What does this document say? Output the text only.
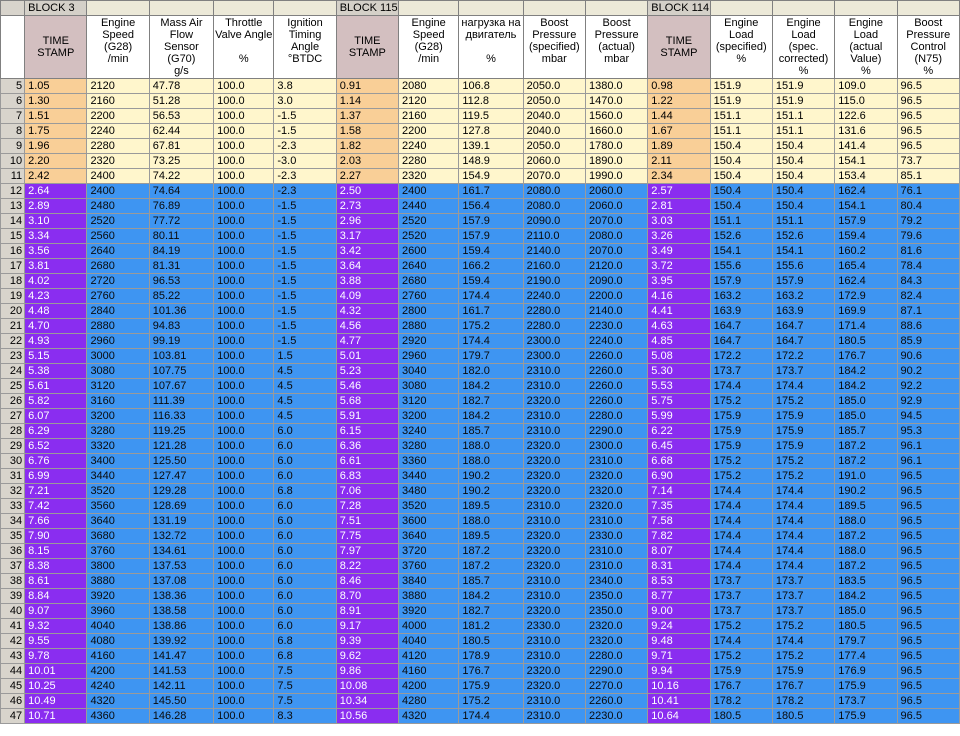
	BLOCK 3					BLOCK 115					BLOCK 114				

	TIME
STAMP	Engine
Speed
(G28)
/min	Mass Air
Flow
Sensor (G70)
g/s	Throttle
Valve Angle
%	Ignition
Timing Angle
°BTDC	TIME
STAMP	Engine
Speed
(G28)
/min	нагрузка на
двигатель
%	Boost
Pressure
(specified)
mbar	Boost
Pressure
(actual)
mbar	TIME
STAMP	Engine Load
(specified)
%	Engine Load
(spec.
corrected)
%	Engine Load
(actual
Value)
%	Boost
Pressure
Control (N75)
%

5	1.05	2120	47.78	100.0	3.8	0.91	2080	106.8	2050.0	1380.0	0.98	151.9	151.9	109.0	96.5
6	1.30	2160	51.28	100.0	3.0	1.14	2120	112.8	2050.0	1470.0	1.22	151.9	151.9	115.0	96.5
7	1.51	2200	56.53	100.0	-1.5	1.37	2160	119.5	2040.0	1560.0	1.44	151.1	151.1	122.6	96.5
8	1.75	2240	62.44	100.0	-1.5	1.58	2200	127.8	2040.0	1660.0	1.67	151.1	151.1	131.6	96.5
9	1.96	2280	67.81	100.0	-2.3	1.82	2240	139.1	2050.0	1780.0	1.89	150.4	150.4	141.4	96.5
10	2.20	2320	73.25	100.0	-3.0	2.03	2280	148.9	2060.0	1890.0	2.11	150.4	150.4	154.1	73.7
11	2.42	2400	74.22	100.0	-2.3	2.27	2320	154.9	2070.0	1990.0	2.34	150.4	150.4	153.4	85.1
12	2.64	2400	74.64	100.0	-2.3	2.50	2400	161.7	2080.0	2060.0	2.57	150.4	150.4	162.4	76.1
13	2.89	2480	76.89	100.0	-1.5	2.73	2440	156.4	2080.0	2060.0	2.81	150.4	150.4	154.1	80.4
14	3.10	2520	77.72	100.0	-1.5	2.96	2520	157.9	2090.0	2070.0	3.03	151.1	151.1	157.9	79.2
15	3.34	2560	80.11	100.0	-1.5	3.17	2520	157.9	2110.0	2080.0	3.26	152.6	152.6	159.4	79.6
16	3.56	2640	84.19	100.0	-1.5	3.42	2600	159.4	2140.0	2070.0	3.49	154.1	154.1	160.2	81.6
17	3.81	2680	81.31	100.0	-1.5	3.64	2640	166.2	2160.0	2120.0	3.72	155.6	155.6	165.4	78.4
18	4.02	2720	96.53	100.0	-1.5	3.88	2680	159.4	2190.0	2090.0	3.95	157.9	157.9	162.4	84.3
19	4.23	2760	85.22	100.0	-1.5	4.09	2760	174.4	2240.0	2200.0	4.16	163.2	163.2	172.9	82.4
20	4.48	2840	101.36	100.0	-1.5	4.32	2800	161.7	2280.0	2140.0	4.41	163.9	163.9	169.9	87.1
21	4.70	2880	94.83	100.0	-1.5	4.56	2880	175.2	2280.0	2230.0	4.63	164.7	164.7	171.4	88.6
22	4.93	2960	99.19	100.0	-1.5	4.77	2920	174.4	2300.0	2240.0	4.85	164.7	164.7	180.5	85.9
23	5.15	3000	103.81	100.0	1.5	5.01	2960	179.7	2300.0	2260.0	5.08	172.2	172.2	176.7	90.6
24	5.38	3080	107.75	100.0	4.5	5.23	3040	182.0	2310.0	2260.0	5.30	173.7	173.7	184.2	90.2
25	5.61	3120	107.67	100.0	4.5	5.46	3080	184.2	2310.0	2260.0	5.53	174.4	174.4	184.2	92.2
26	5.82	3160	111.39	100.0	4.5	5.68	3120	182.7	2320.0	2260.0	5.75	175.2	175.2	185.0	92.9
27	6.07	3200	116.33	100.0	4.5	5.91	3200	184.2	2310.0	2280.0	5.99	175.9	175.9	185.0	94.5
28	6.29	3280	119.25	100.0	6.0	6.15	3240	185.7	2310.0	2290.0	6.22	175.9	175.9	185.7	95.3
29	6.52	3320	121.28	100.0	6.0	6.36	3280	188.0	2320.0	2300.0	6.45	175.9	175.9	187.2	96.1
30	6.76	3400	125.50	100.0	6.0	6.61	3360	188.0	2320.0	2310.0	6.68	175.2	175.2	187.2	96.1
31	6.99	3440	127.47	100.0	6.0	6.83	3440	190.2	2320.0	2320.0	6.90	175.2	175.2	191.0	96.5
32	7.21	3520	129.28	100.0	6.8	7.06	3480	190.2	2320.0	2320.0	7.14	174.4	174.4	190.2	96.5
33	7.42	3560	128.69	100.0	6.0	7.28	3520	189.5	2310.0	2320.0	7.35	174.4	174.4	189.5	96.5
34	7.66	3640	131.19	100.0	6.0	7.51	3600	188.0	2310.0	2310.0	7.58	174.4	174.4	188.0	96.5
35	7.90	3680	132.72	100.0	6.0	7.75	3640	189.5	2320.0	2330.0	7.82	174.4	174.4	187.2	96.5
36	8.15	3760	134.61	100.0	6.0	7.97	3720	187.2	2320.0	2310.0	8.07	174.4	174.4	188.0	96.5
37	8.38	3800	137.53	100.0	6.0	8.22	3760	187.2	2320.0	2310.0	8.31	174.4	174.4	187.2	96.5
38	8.61	3880	137.08	100.0	6.0	8.46	3840	185.7	2310.0	2340.0	8.53	173.7	173.7	183.5	96.5
39	8.84	3920	138.36	100.0	6.0	8.70	3880	184.2	2310.0	2350.0	8.77	173.7	173.7	184.2	96.5
40	9.07	3960	138.58	100.0	6.0	8.91	3920	182.7	2320.0	2350.0	9.00	173.7	173.7	185.0	96.5
41	9.32	4040	138.86	100.0	6.0	9.17	4000	181.2	2330.0	2320.0	9.24	175.2	175.2	180.5	96.5
42	9.55	4080	139.92	100.0	6.8	9.39	4040	180.5	2310.0	2320.0	9.48	174.4	174.4	179.7	96.5
43	9.78	4160	141.47	100.0	6.8	9.62	4120	178.9	2310.0	2280.0	9.71	175.2	175.2	177.4	96.5
44	10.01	4200	141.53	100.0	7.5	9.86	4160	176.7	2320.0	2290.0	9.94	175.9	175.9	176.9	96.5
45	10.25	4240	142.11	100.0	7.5	10.08	4200	175.9	2320.0	2270.0	10.16	176.7	176.7	175.9	96.5
46	10.49	4320	145.50	100.0	7.5	10.34	4280	175.2	2310.0	2260.0	10.41	178.2	178.2	173.7	96.5
47	10.71	4360	146.28	100.0	8.3	10.56	4320	174.4	2310.0	2230.0	10.64	180.5	180.5	175.9	96.5
